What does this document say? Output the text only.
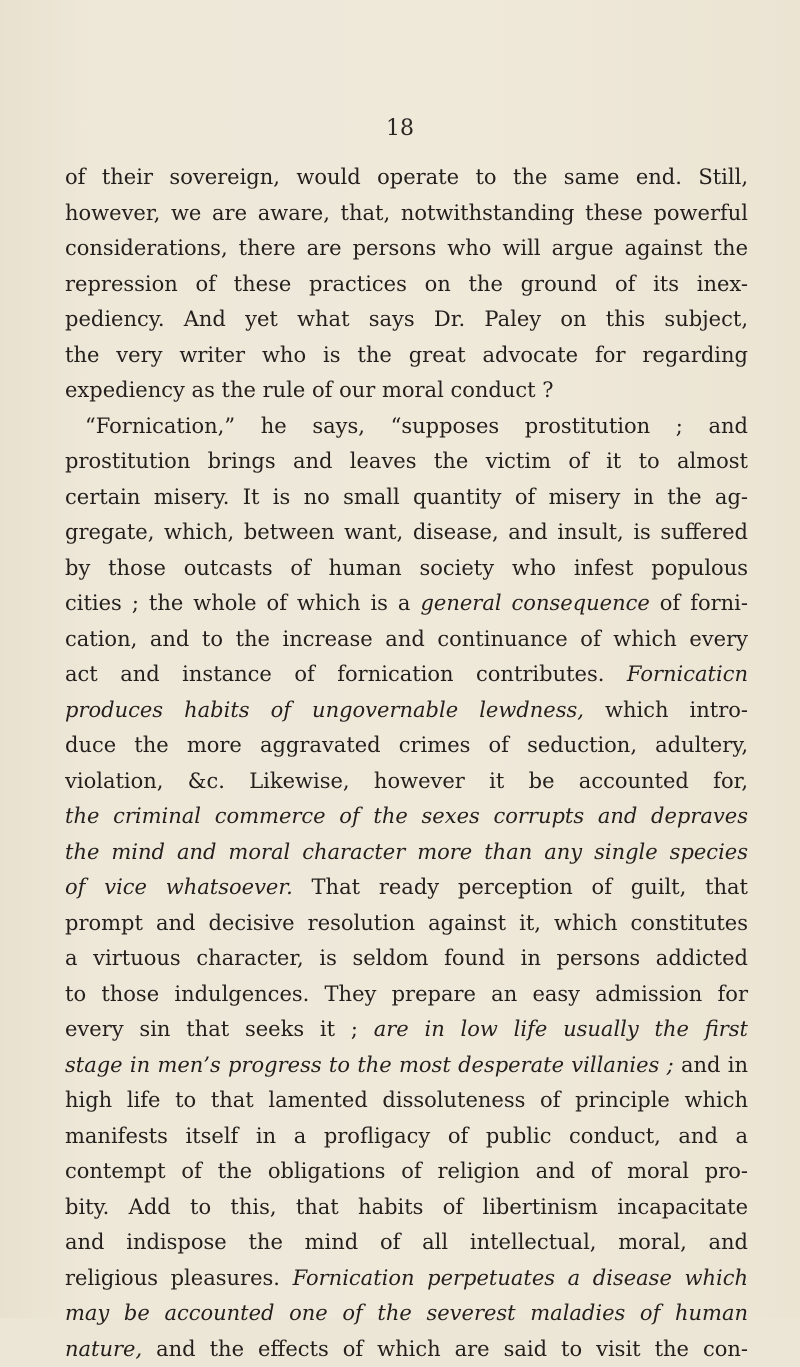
18

of their sovereign, would operate to the same end. Still,
however, we are aware, that, notwithstanding these powerful
considerations, there are persons who will argue against the
repression of these practices on the ground of its inex-
pediency. And yet what says Dr. Paley on this subject,
the very writer who is the great advocate for regarding
expediency as the rule of our moral conduct ?
“Fornication,” he says, “supposes prostitution ; and
prostitution brings and leaves the victim of it to almost
certain misery. It is no small quantity of misery in the ag-
gregate, which, between want, disease, and insult, is suffered
by those outcasts of human society who infest populous
cities ; the whole of which is a general consequence of forni-
cation, and to the increase and continuance of which every
act and instance of fornication contributes. Fornicaticn
produces habits of ungovernable lewdness, which intro-
duce the more aggravated crimes of seduction, adultery,
violation, &c. Likewise, however it be accounted for,
the criminal commerce of the sexes corrupts and depraves
the mind and moral character more than any single species
of vice whatsoever. That ready perception of guilt, that
prompt and decisive resolution against it, which constitutes
a virtuous character, is seldom found in persons addicted
to those indulgences. They prepare an easy admission for
every sin that seeks it ; are in low life usually the first
stage in men’s progress to the most desperate villanies ; and in
high life to that lamented dissoluteness of principle which
manifests itself in a profligacy of public conduct, and a
contempt of the obligations of religion and of moral pro-
bity. Add to this, that habits of libertinism incapacitate
and indispose the mind of all intellectual, moral, and
religious pleasures. Fornication perpetuates a disease which
may be accounted one of the severest maladies of human
nature, and the effects of which are said to visit the con-
